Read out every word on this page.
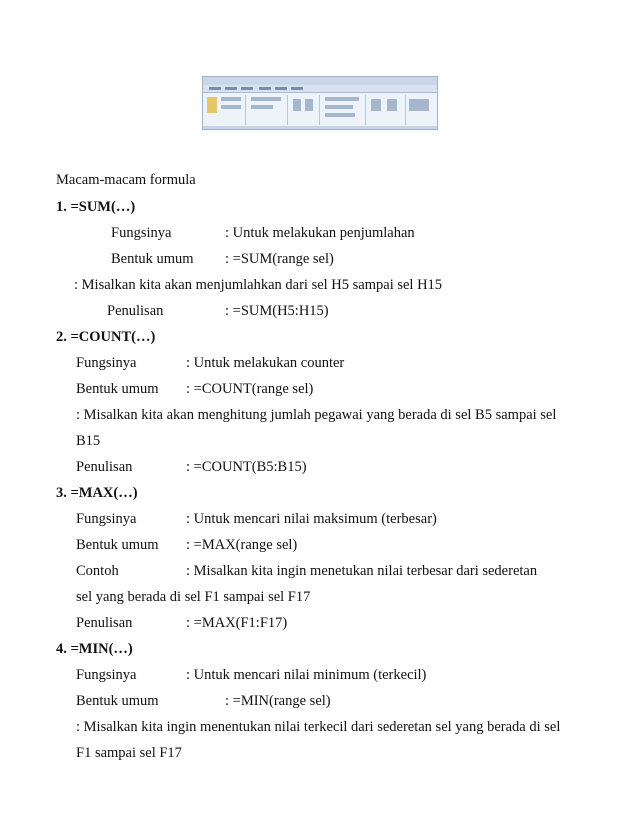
Macam-macam formula
1. =SUM(…)
Fungsinya	: Untuk melakukan penjumlahan
Bentuk umum : =SUM(range sel)
: Misalkan kita akan menjumlahkan dari sel H5 sampai sel H15
Penulisan	: =SUM(H5:H15)
2. =COUNT(…)
Fungsinya	: Untuk melakukan counter
Bentuk umum : =COUNT(range sel)
: Misalkan kita akan menghitung jumlah pegawai yang berada di sel B5 sampai sel
B15
Penulisan	: =COUNT(B5:B15)
3. =MAX(…)
Fungsinya	: Untuk mencari nilai maksimum (terbesar)
Bentuk umum : =MAX(range sel)
Contoh	: Misalkan kita ingin menetukan nilai terbesar dari sederetan
sel yang berada di sel F1 sampai sel F17
Penulisan	: =MAX(F1:F17)
4. =MIN(…)
Fungsinya	: Untuk mencari nilai minimum (terkecil)
Bentuk umum	: =MIN(range sel)
: Misalkan kita ingin menentukan nilai terkecil dari sederetan sel yang berada di sel
F1 sampai sel F17
